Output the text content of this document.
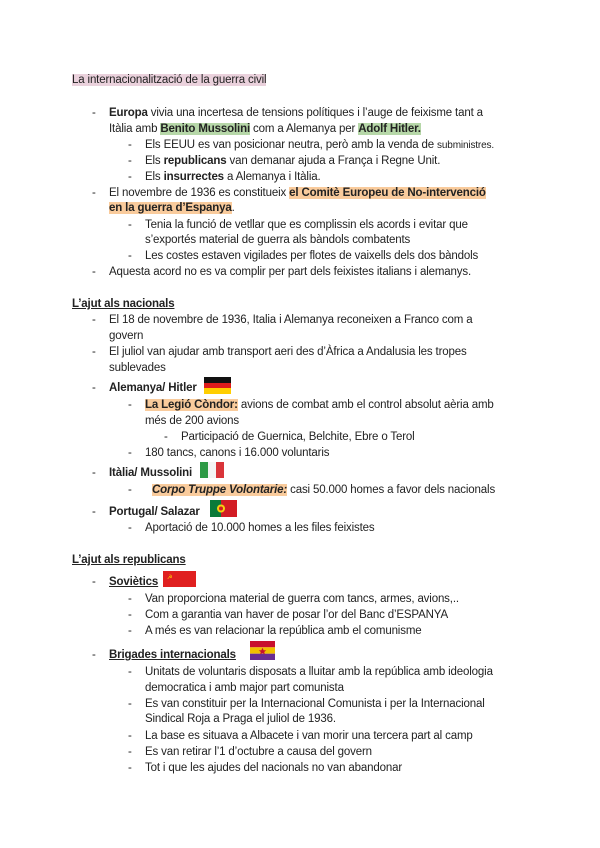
La internacionalització de la guerra civil
- Europa vivia una incertesa de tensions polítiques i l’auge de feixisme tant a
Itàlia amb Benito Mussolini com a Alemanya per Adolf Hitler.
- Els EEUU es van posicionar neutra, però amb la venda de subministres.
- Els republicans van demanar ajuda a França i Regne Unit.
- Els insurrectes a Alemanya i Itàlia.
- El novembre de 1936 es constitueix el Comitè Europeu de No-intervenció
en la guerra d’Espanya.
- Tenia la funció de vetllar que es complissin els acords i evitar que
s’exportés material de guerra als bàndols combatents
- Les costes estaven vigilades per flotes de vaixells dels dos bàndols
- Aquesta acord no es va complir per part dels feixistes italians i alemanys.
L’ajut als nacionals
- El 18 de novembre de 1936, Italia i Alemanya reconeixen a Franco com a
govern
- El juliol van ajudar amb transport aeri des d’Àfrica a Andalusia les tropes
sublevades
- Alemanya/ Hitler
- La Legió Còndor: avions de combat amb el control absolut aèria amb
més de 200 avions
- Participació de Guernica, Belchite, Ebre o Terol
- 180 tancs, canons i 16.000 voluntaris
- Itàlia/ Mussolini
- Corpo Truppe Volontarie: casi 50.000 homes a favor dels nacionals
- Portugal/ Salazar
- Aportació de 10.000 homes a les files feixistes
L’ajut als republicans
- Soviètics ☭
- Van proporciona material de guerra com tancs, armes, avions,..
- Com a garantia van haver de posar l’or del Banc d’ESPANYA
- A més es van relacionar la república amb el comunisme
- Brigades internacionals
- Unitats de voluntaris disposats a lluitar amb la república amb ideologia
democratica i amb major part comunista
- Es van constituir per la Internacional Comunista i per la Internacional
Sindical Roja a Praga el juliol de 1936.
- La base es situava a Albacete i van morir una tercera part al camp
- Es van retirar l’1 d’octubre a causa del govern
- Tot i que les ajudes del nacionals no van abandonar
